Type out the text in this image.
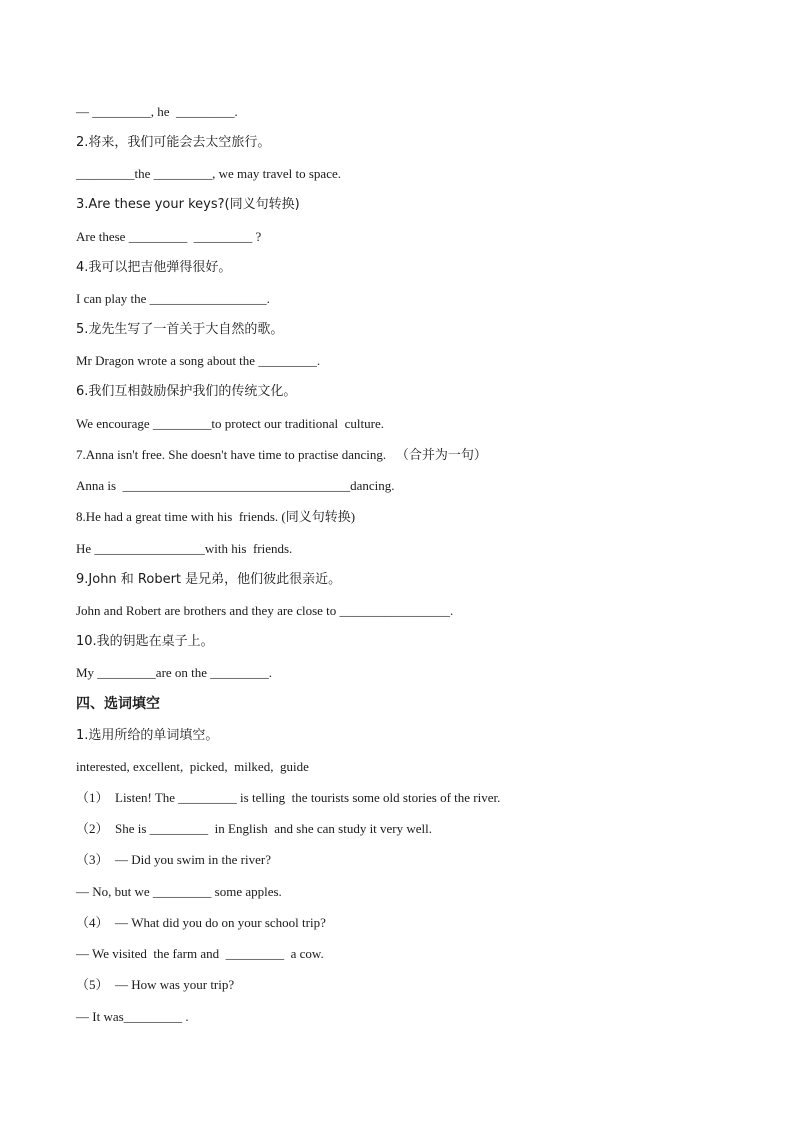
— _________, he  _________.
2.将来，我们可能会去太空旅行。
_________the _________, we may travel to space.
3.Are these your keys?(同义句转换)
Are these _________  _________ ?
4.我可以把吉他弹得很好。
I can play the __________________.
5.龙先生写了一首关于大自然的歌。
Mr Dragon wrote a song about the _________.
6.我们互相鼓励保护我们的传统文化。
We encourage _________to protect our traditional  culture.
7.Anna isn't free. She doesn't have time to practise dancing.   （合并为一句）
Anna is  ___________________________________dancing.
8.He had a great time with his  friends. (同义句转换)
He _________________with his  friends.
9.John 和 Robert 是兄弟，他们彼此很亲近。
John and Robert are brothers and they are close to _________________.
10.我的钥匙在桌子上。
My _________are on the _________.
四、选词填空
1.选用所给的单词填空。
interested, excellent,  picked,  milked,  guide
（1）  Listen! The _________ is telling  the tourists some old stories of the river.
（2）  She is _________  in English  and she can study it very well.
（3）  — Did you swim in the river?
— No, but we _________ some apples.
（4）  — What did you do on your school trip?
— We visited  the farm and  _________  a cow.
（5）  — How was your trip?
— It was_________ .
